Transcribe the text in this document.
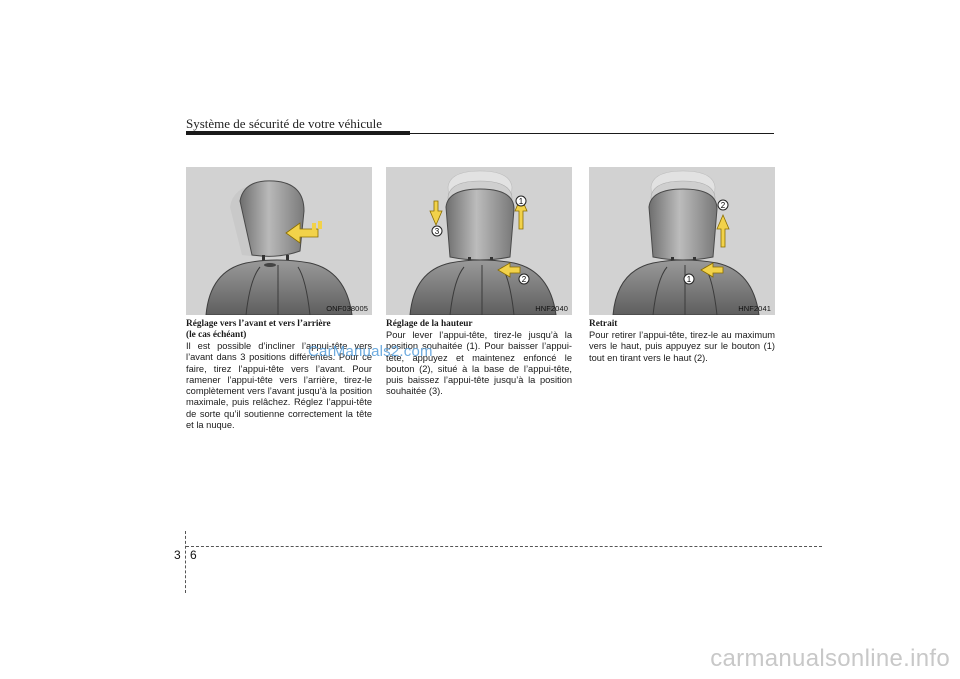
Système de sécurité de votre véhicule
ONF038005
1
2
3
HNF2040
1
2
HNF2041

Réglage vers l’avant et vers l’arrière

(le cas échéant)

Il est possible d’incliner l’appui-tête vers l’avant dans 3 positions différentes. Pour ce faire, tirez l’appui-tête vers l’avant. Pour ramener l’appui-tête vers l’arrière, tirez-le complètement vers l’avant jusqu’à la position maximale, puis relâchez. Réglez l’appui-tête de sorte qu’il soutienne correctement la tête et la nuque.

Réglage de la hauteur

Pour lever l’appui-tête, tirez-le jusqu’à la position souhaitée (1). Pour baisser l’appui-tête, appuyez et maintenez enfoncé le bouton (2), situé à la base de l’appui-tête, puis baissez l’appui-tête jusqu’à la position souhaitée (3).

Retrait

Pour retirer l’appui-tête, tirez-le au maximum vers le haut, puis appuyez sur le bouton (1) tout en tirant vers le haut (2).

CarManuals2.com
3 6
carmanualsonline.info
